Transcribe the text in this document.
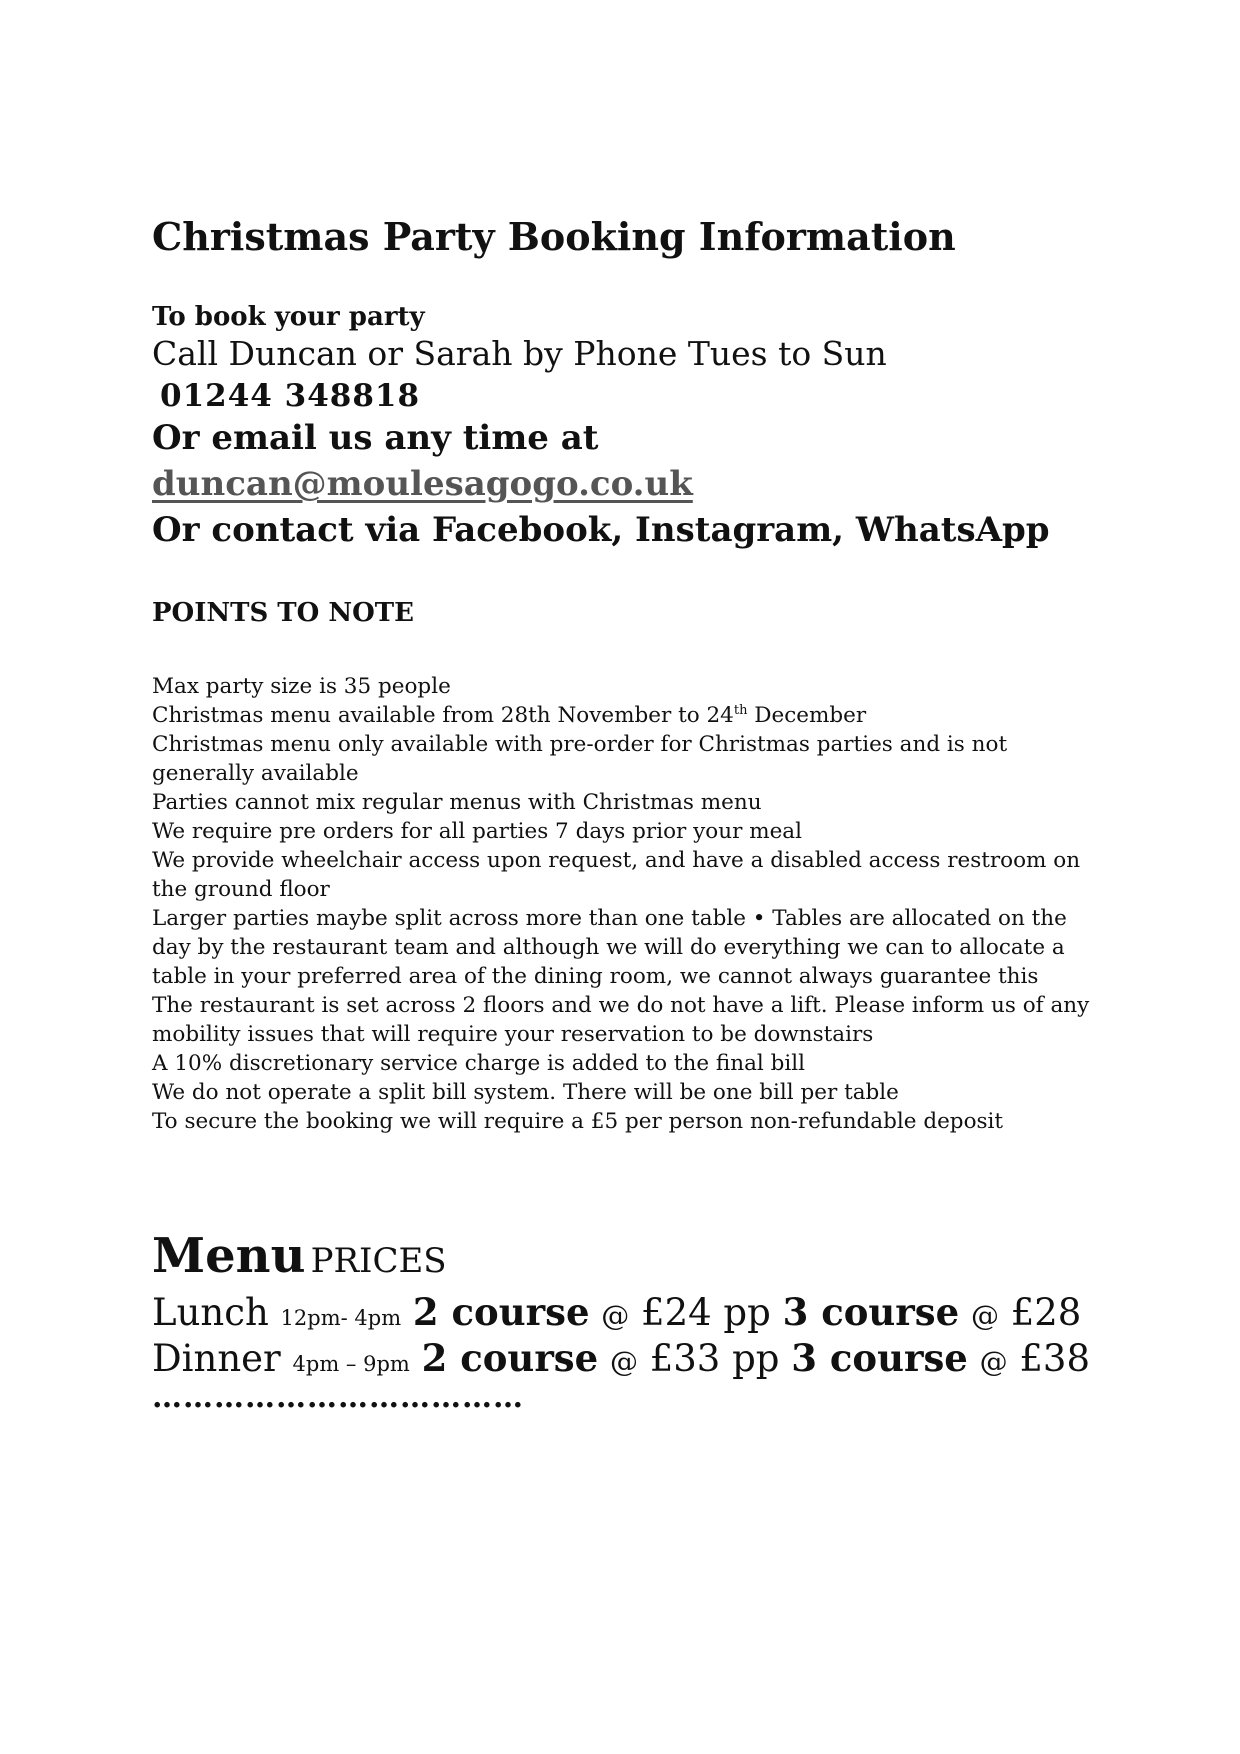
Christmas Party Booking Information
To book your party
Call Duncan or Sarah by Phone Tues to Sun
01244 348818
Or email us any time at
duncan@moulesagogo.co.uk
Or contact via Facebook, Instagram, WhatsApp
POINTS TO NOTE
Max party size is 35 people
Christmas menu available from 28th November to 24th December
Christmas menu only available with pre-order for Christmas parties and is not generally available
Parties cannot mix regular menus with Christmas menu
We require pre orders for all parties 7 days prior your meal
We provide wheelchair access upon request, and have a disabled access restroom on the ground floor
Larger parties maybe split across more than one table • Tables are allocated on the day by the restaurant team and although we will do everything we can to allocate a table in your preferred area of the dining room, we cannot always guarantee this
The restaurant is set across 2 floors and we do not have a lift. Please inform us of any mobility issues that will require your reservation to be downstairs
A 10% discretionary service charge is added to the final bill
We do not operate a split bill system. There will be one bill per table
To secure the booking we will require a £5 per person non-refundable deposit
Menu PRICES
Lunch 12pm- 4pm 2 course @ £24 pp 3 course @ £28
Dinner 4pm – 9pm 2 course @ £33 pp 3 course @ £38
………………………………
